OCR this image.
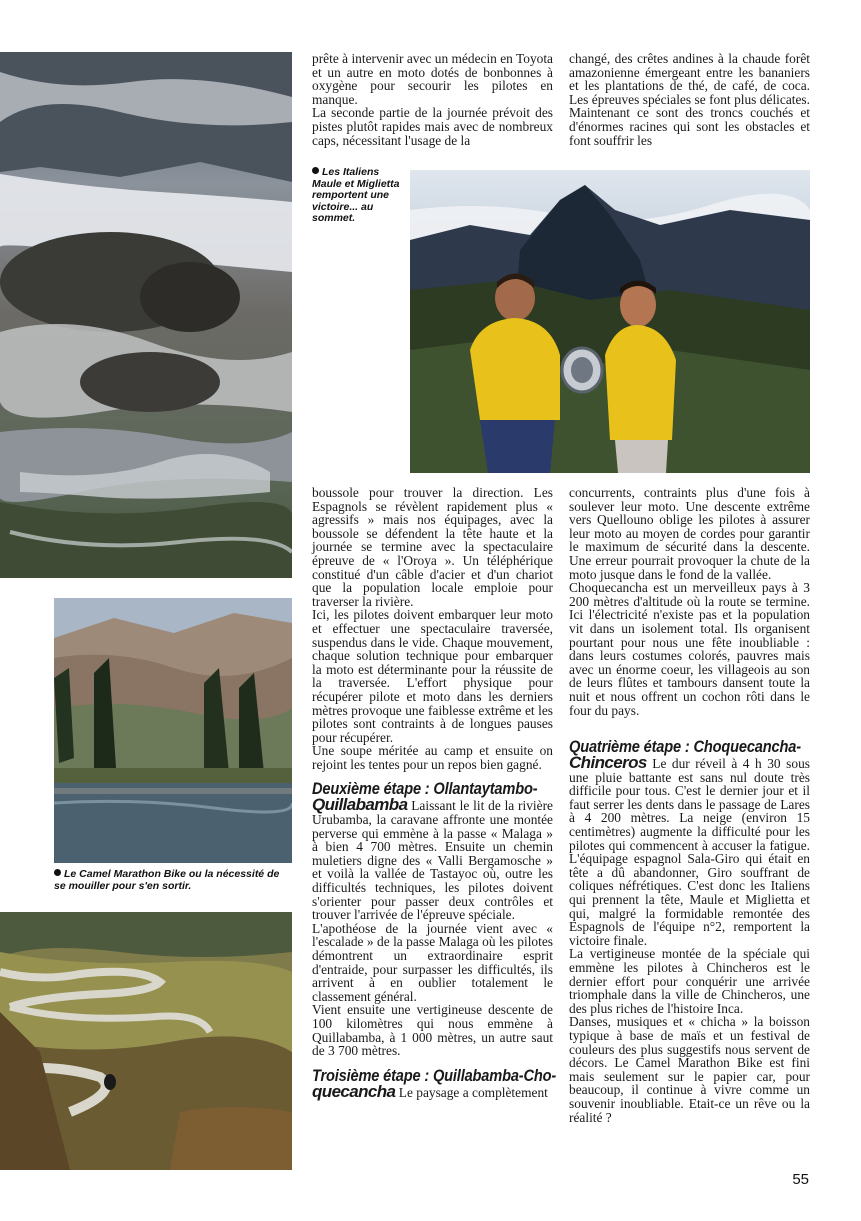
Les Italiens Maule et Miglietta remportent une victoire... au sommet.
Le Camel Marathon Bike ou la nécessité de se mouiller pour s'en sortir.

prête à intervenir avec un médecin en Toyota et un autre en moto dotés de bonbonnes à oxygène pour secourir les pilotes en manque.

La seconde partie de la journée prévoit des pistes plutôt rapides mais avec de nombreux caps, nécessitant l'usage de la

changé, des crêtes andines à la chaude forêt amazonienne émergeant entre les bananiers et les plantations de thé, de café, de coca. Les épreuves spéciales se font plus délicates. Maintenant ce sont des troncs couchés et d'énormes racines qui sont les obstacles et font souffrir les

boussole pour trouver la direction. Les Espagnols se révèlent rapidement plus « agressifs » mais nos équipages, avec la boussole se défendent la tête haute et la journée se termine avec la spectaculaire épreuve de « l'Oroya ». Un téléphérique constitué d'un câble d'acier et d'un chariot que la population locale emploie pour traverser la rivière.

Ici, les pilotes doivent embarquer leur moto et effectuer une spectaculaire traversée, suspendus dans le vide. Chaque mouvement, chaque solution technique pour embarquer la moto est déterminante pour la réussite de la traversée. L'effort physique pour récupérer pilote et moto dans les derniers mètres provoque une faiblesse extrême et les pilotes sont contraints à de longues pauses pour récupérer.

Une soupe méritée au camp et ensuite on rejoint les tentes pour un repos bien gagné.

Deuxième étape : Ollantaytambo-

Quillabamba Laissant le lit de la rivière Urubamba, la caravane affronte une montée perverse qui emmène à la passe « Malaga » à bien 4 700 mètres. Ensuite un chemin muletiers digne des « Valli Bergamosche » et voilà la vallée de Tastayoc où, outre les difficultés techniques, les pilotes doivent s'orienter pour passer deux contrôles et trouver l'arrivée de l'épreuve spéciale.

L'apothéose de la journée vient avec « l'escalade » de la passe Malaga où les pilotes démontrent un extraordinaire esprit d'entraide, pour surpasser les difficultés, ils arrivent à en oublier totalement le classement général.

Vient ensuite une vertigineuse descente de 100 kilomètres qui nous emmène à Quillabamba, à 1 000 mètres, un autre saut de 3 700 mètres.

Troisième étape : Quillabamba-Cho-

quecancha Le paysage a complètement

concurrents, contraints plus d'une fois à soulever leur moto. Une descente extrême vers Quellouno oblige les pilotes à assurer leur moto au moyen de cordes pour garantir le maximum de sécurité dans la descente. Une erreur pourrait provoquer la chute de la moto jusque dans le fond de la vallée.

Choquecancha est un merveilleux pays à 3 200 mètres d'altitude où la route se termine. Ici l'électricité n'existe pas et la population vit dans un isolement total. Ils organisent pourtant pour nous une fête inoubliable : dans leurs costumes colorés, pauvres mais avec un énorme coeur, les villageois au son de leurs flûtes et tambours dansent toute la nuit et nous offrent un cochon rôti dans le four du pays.

Quatrième étape : Choquecancha-

Chinceros Le dur réveil à 4 h 30 sous une pluie battante est sans nul doute très difficile pour tous. C'est le dernier jour et il faut serrer les dents dans le passage de Lares à 4 200 mètres. La neige (environ 15 centimètres) augmente la difficulté pour les pilotes qui commencent à accuser la fatigue. L'équipage espagnol Sala-Giro qui était en tête a dû abandonner, Giro souffrant de coliques néfrétiques. C'est donc les Italiens qui prennent la tête, Maule et Miglietta et qui, malgré la formidable remontée des Espagnols de l'équipe n°2, remportent la victoire finale.

La vertigineuse montée de la spéciale qui emmène les pilotes à Chincheros est le dernier effort pour conquérir une arrivée triomphale dans la ville de Chincheros, une des plus riches de l'histoire Inca.

Danses, musiques et « chicha » la boisson typique à base de maïs et un festival de couleurs des plus suggestifs nous servent de décors. Le Camel Marathon Bike est fini mais seulement sur le papier car, pour beaucoup, il continue à vivre comme un souvenir inoubliable. Etait-ce un rêve ou la réalité ?

55
